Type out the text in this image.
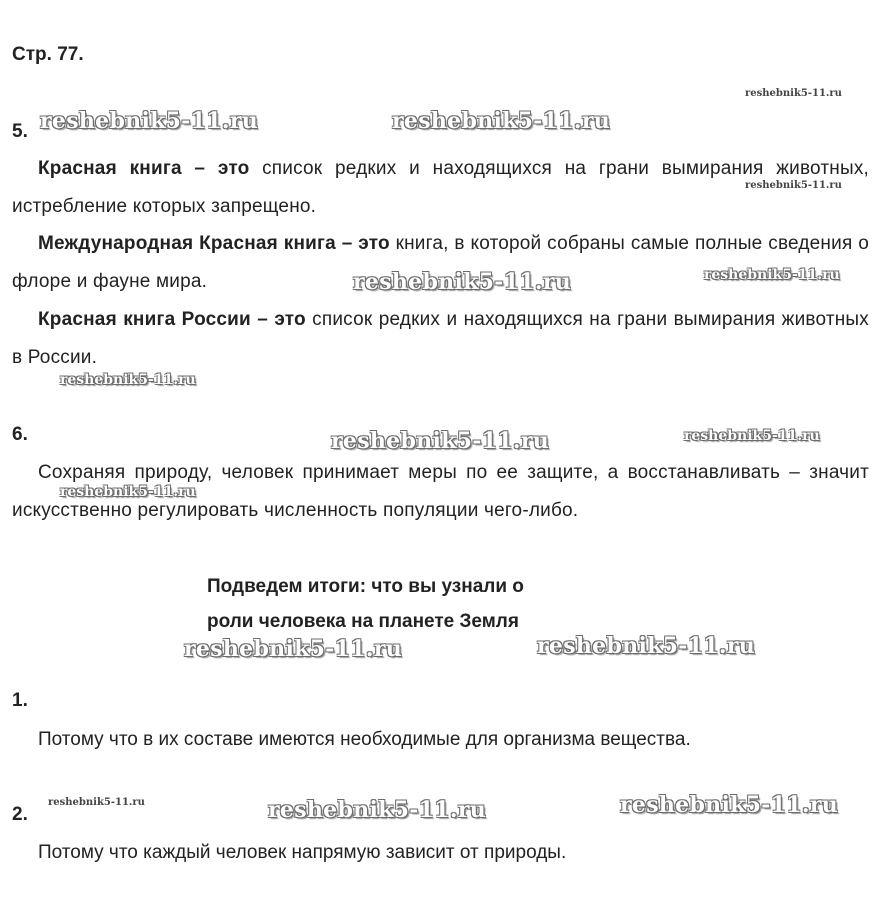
Стр. 77.
5.
Красная книга – это список редких и находящихся на грани вымирания животных, истребление которых запрещено.
Международная Красная книга – это книга, в которой собраны самые полные сведения о флоре и фауне мира.
Красная книга России – это список редких и находящихся на грани вымирания животных в России.
6.
Сохраняя природу, человек принимает меры по ее защите, а восстанавливать – значит искусственно регулировать численность популяции чего-либо.
Подведем итоги: что вы узнали о
роли человека на планете Земля
1.
Потому что в их составе имеются необходимые для организма вещества.
2.
Потому что каждый человек напрямую зависит от природы.
reshebnik5-11.ru
reshebnik5-11.ru	reshebnik5-11.ru
reshebnik5-11.ru
reshebnik5-11.ru	reshebnik5-11.ru
reshebnik5-11.ru
reshebnik5-11.ru	reshebnik5-11.ru
reshebnik5-11.ru
reshebnik5-11.ru
reshebnik5-11.ru
reshebnik5-11.ru	reshebnik5-11.ru	reshebnik5-11.ru
